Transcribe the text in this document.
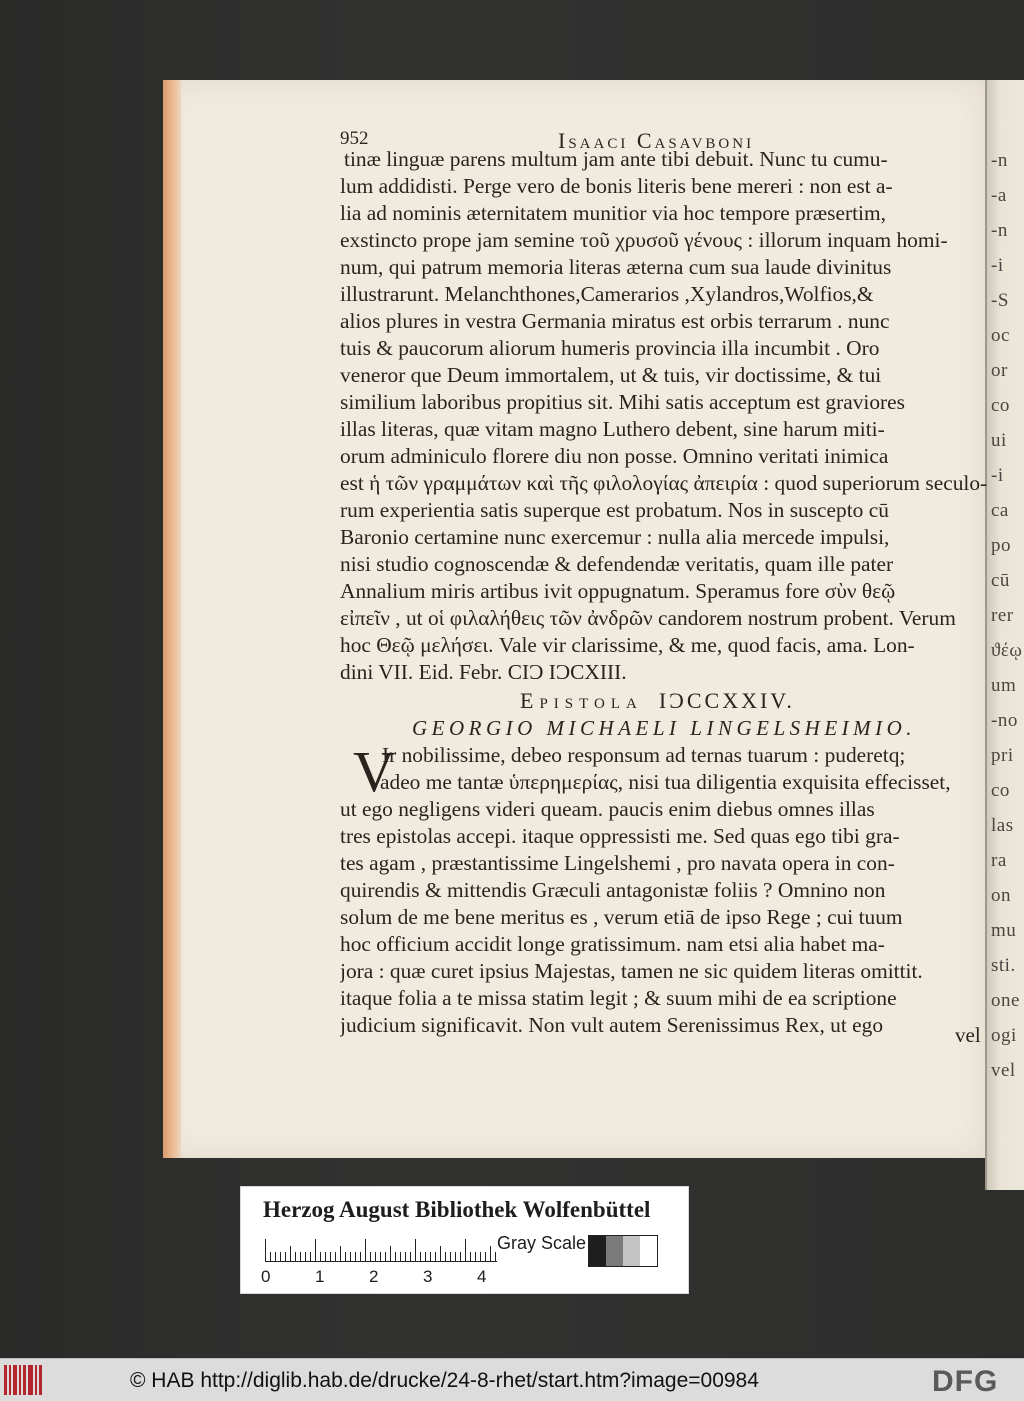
-n
-a
-n
-i
-S
oc
or
co
ui
-i
ca
po
cū
rer
ϑέῳ
um
-no
pri
co
las
ra
on
mu
sti.
one
ogi
vel
952	Isaaci Casavboni
tinæ linguæ parens multum jam ante tibi debuit. Nunc tu cumu-
lum addidisti. Perge vero de bonis literis bene mereri : non est a-
lia ad nominis æternitatem munitior via hoc tempore præsertim,
exstincto prope jam semine τοῦ χρυσοῦ γένους : illorum inquam homi-
num, qui patrum memoria literas æterna cum sua laude divinitus
illustrarunt. Melanchthones,Camerarios ,Xylandros,Wolfios,&
alios plures in vestra Germania miratus est orbis terrarum . nunc
tuis & paucorum aliorum humeris provincia illa incumbit . Oro
veneror que Deum immortalem, ut & tuis, vir doctissime, & tui
similium laboribus propitius sit. Mihi satis acceptum est graviores
illas literas, quæ vitam magno Luthero debent, sine harum miti-
orum adminiculo florere diu non posse. Omnino veritati inimica
est ἡ τῶν γραμμάτων καὶ τῆς φιλολογίας ἀπειρία : quod superiorum seculo-
rum experientia satis superque est probatum. Nos in suscepto cū
Baronio certamine nunc exercemur : nulla alia mercede impulsi,
nisi studio cognoscendæ & defendendæ veritatis, quam ille pater
Annalium miris artibus ivit oppugnatum. Speramus fore σὺν θεῷ
εἰπεῖν , ut οἱ φιλαλήθεις τῶν ἀνδρῶν candorem nostrum probent. Verum
hoc Θεῷ μελήσει. Vale vir clarissime, & me, quod facis, ama. Lon-
dini VII. Eid. Febr. CIƆ IƆCXIII.
Epistola IƆCCXXIV.
GEORGIO MICHAELI LINGELSHEIMIO.
V
Ir nobilissime, debeo responsum ad ternas tuarum : puderetq;
adeo me tantæ ὑπερημερίας, nisi tua diligentia exquisita effecisset,
ut ego negligens videri queam. paucis enim diebus omnes illas
tres epistolas accepi. itaque oppressisti me. Sed quas ego tibi gra-
tes agam , præstantissime Lingelshemi , pro navata opera in con-
quirendis & mittendis Græculi antagonistæ foliis ? Omnino non
solum de me bene meritus es , verum etiā de ipso Rege ; cui tuum
hoc officium accidit longe gratissimum. nam etsi alia habet ma-
jora : quæ curet ipsius Majestas, tamen ne sic quidem literas omittit.
itaque folia a te missa statim legit ; & suum mihi de ea scriptione
judicium significavit. Non vult autem Serenissimus Rex, ut ego	vel
Herzog August Bibliothek Wolfenbüttel
0	1	2	3	4
Gray Scale
© HAB http://diglib.hab.de/drucke/24-8-rhet/start.htm?image=00984	DFG
